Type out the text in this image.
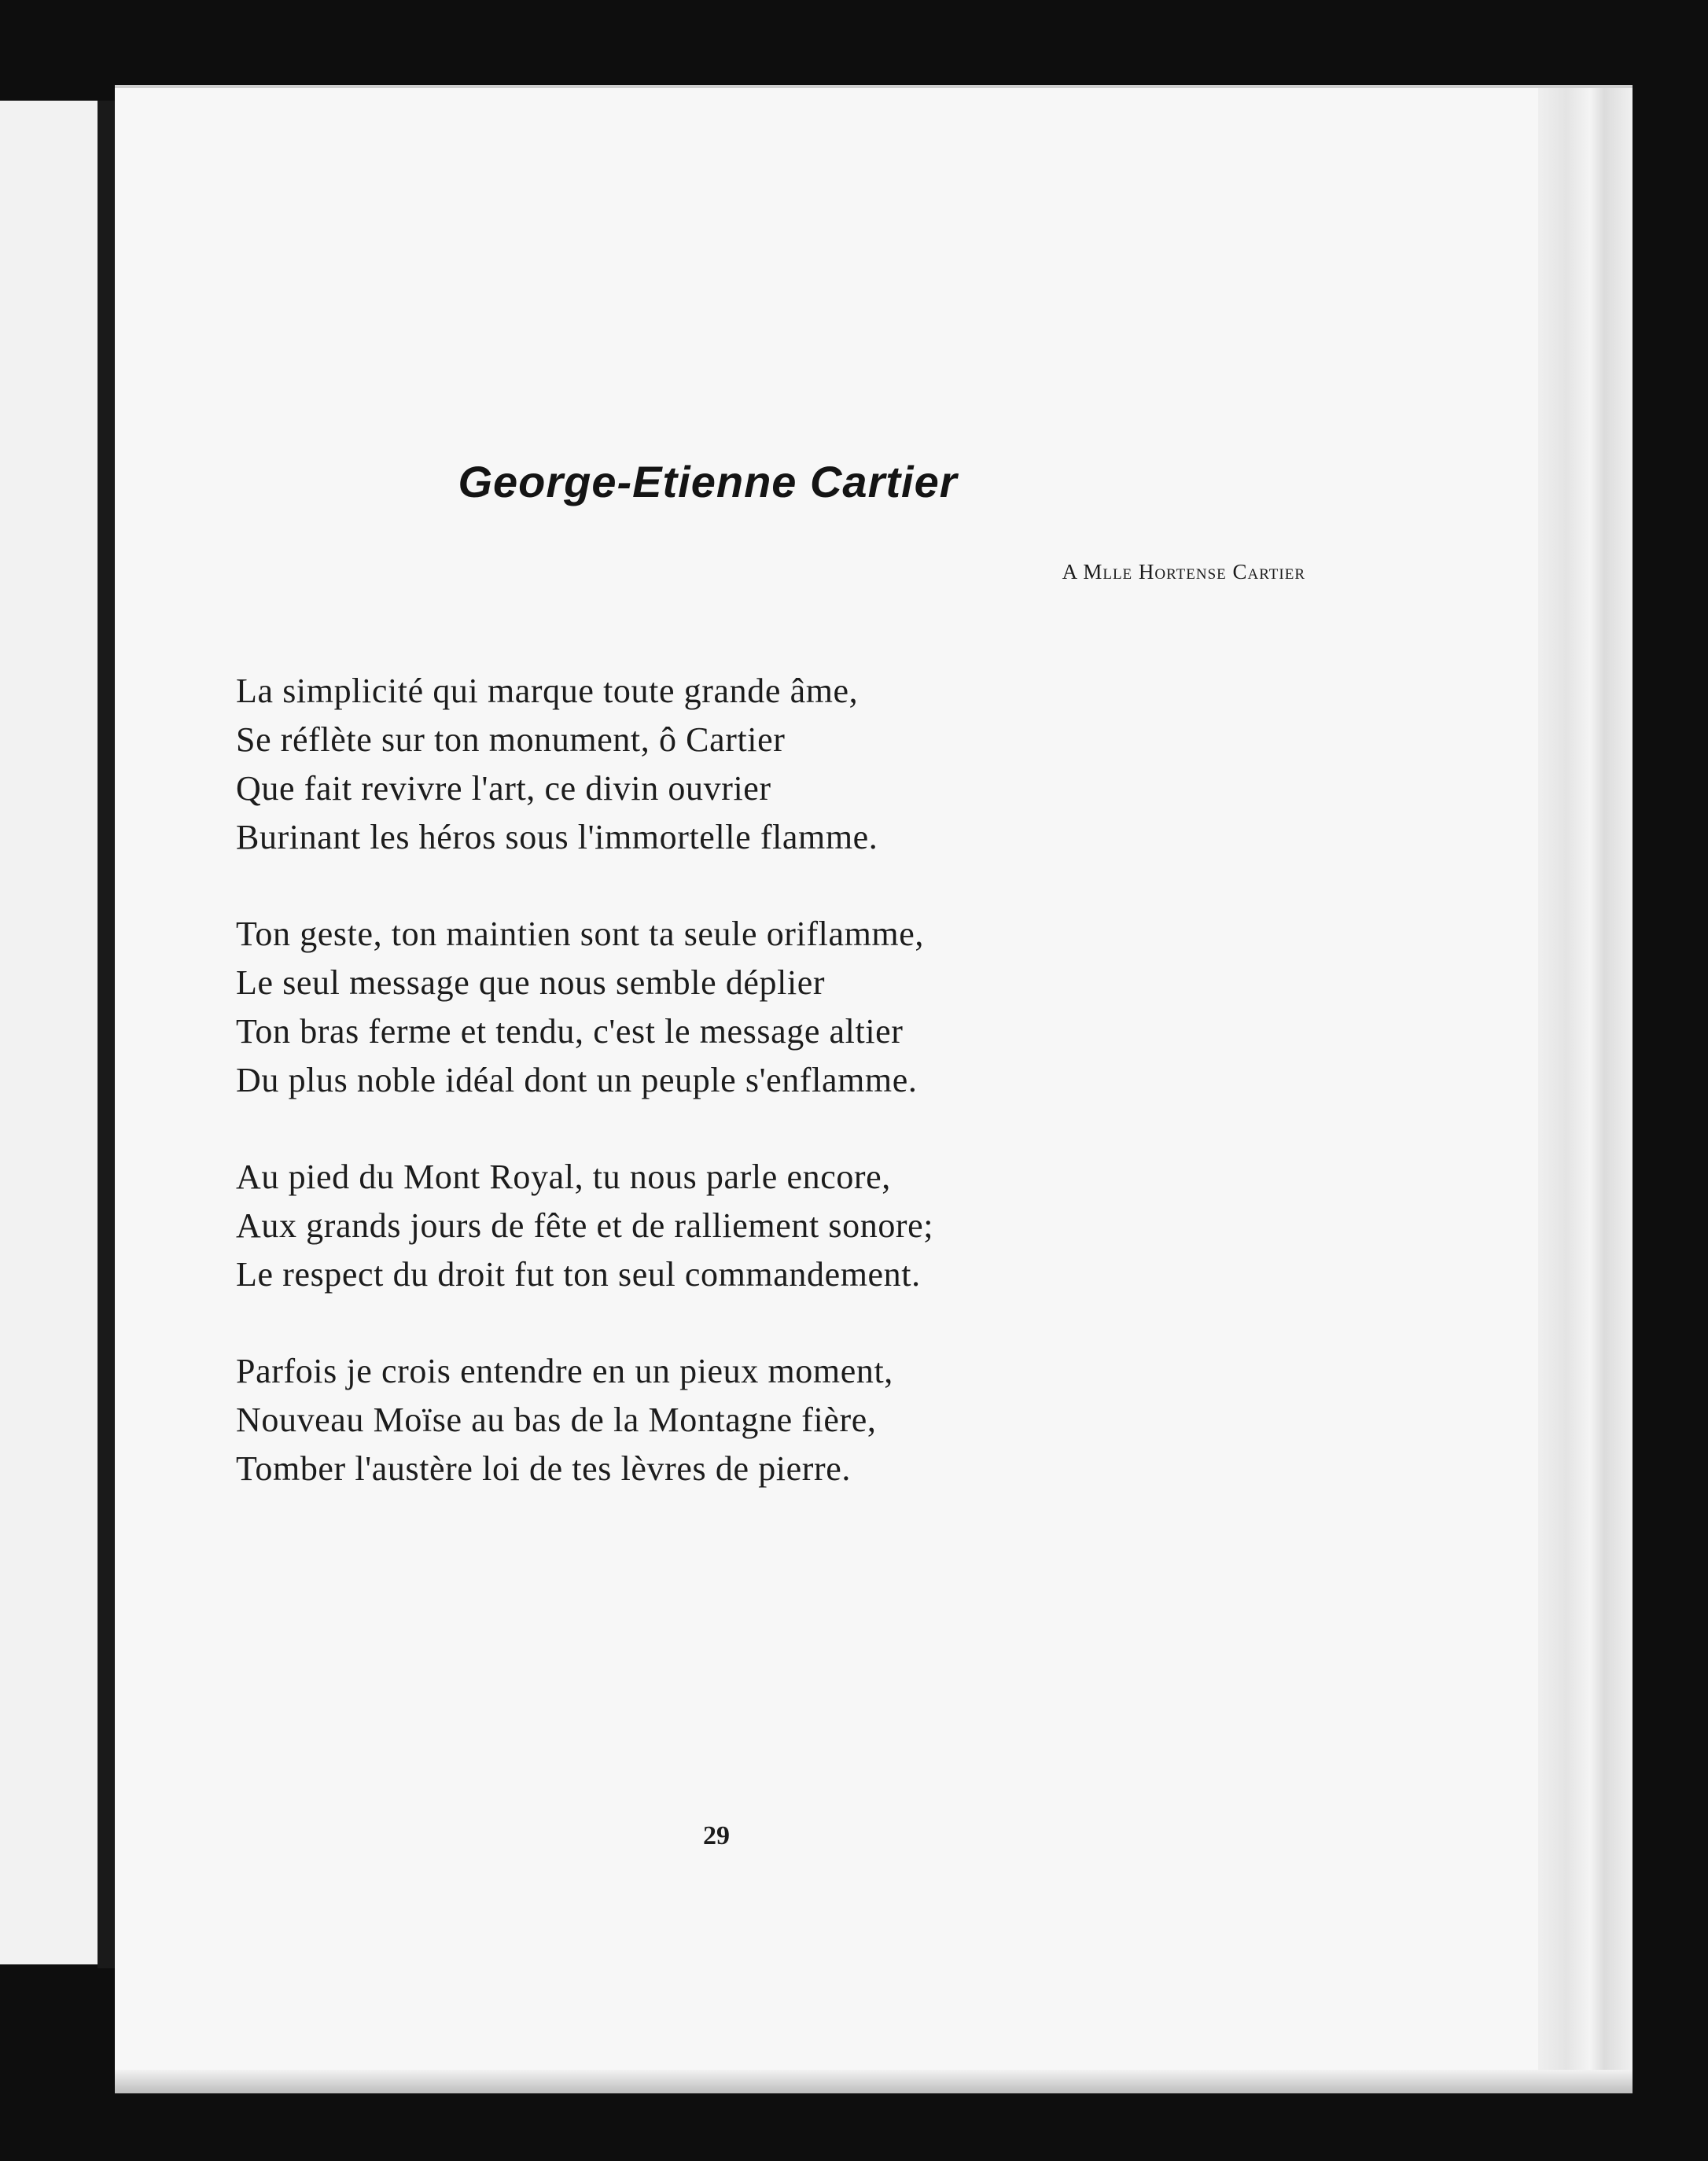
George-Etienne Cartier
A Mlle Hortense Cartier
La simplicité qui marque toute grande âme,
Se réflète sur ton monument, ô Cartier
Que fait revivre l'art, ce divin ouvrier
Burinant les héros sous l'immortelle flamme.
Ton geste, ton maintien sont ta seule oriflamme,
Le seul message que nous semble déplier
Ton bras ferme et tendu, c'est le message altier
Du plus noble idéal dont un peuple s'enflamme.
Au pied du Mont Royal, tu nous parle encore,
Aux grands jours de fête et de ralliement sonore;
Le respect du droit fut ton seul commandement.
Parfois je crois entendre en un pieux moment,
Nouveau Moïse au bas de la Montagne fière,
Tomber l'austère loi de tes lèvres de pierre.
29
